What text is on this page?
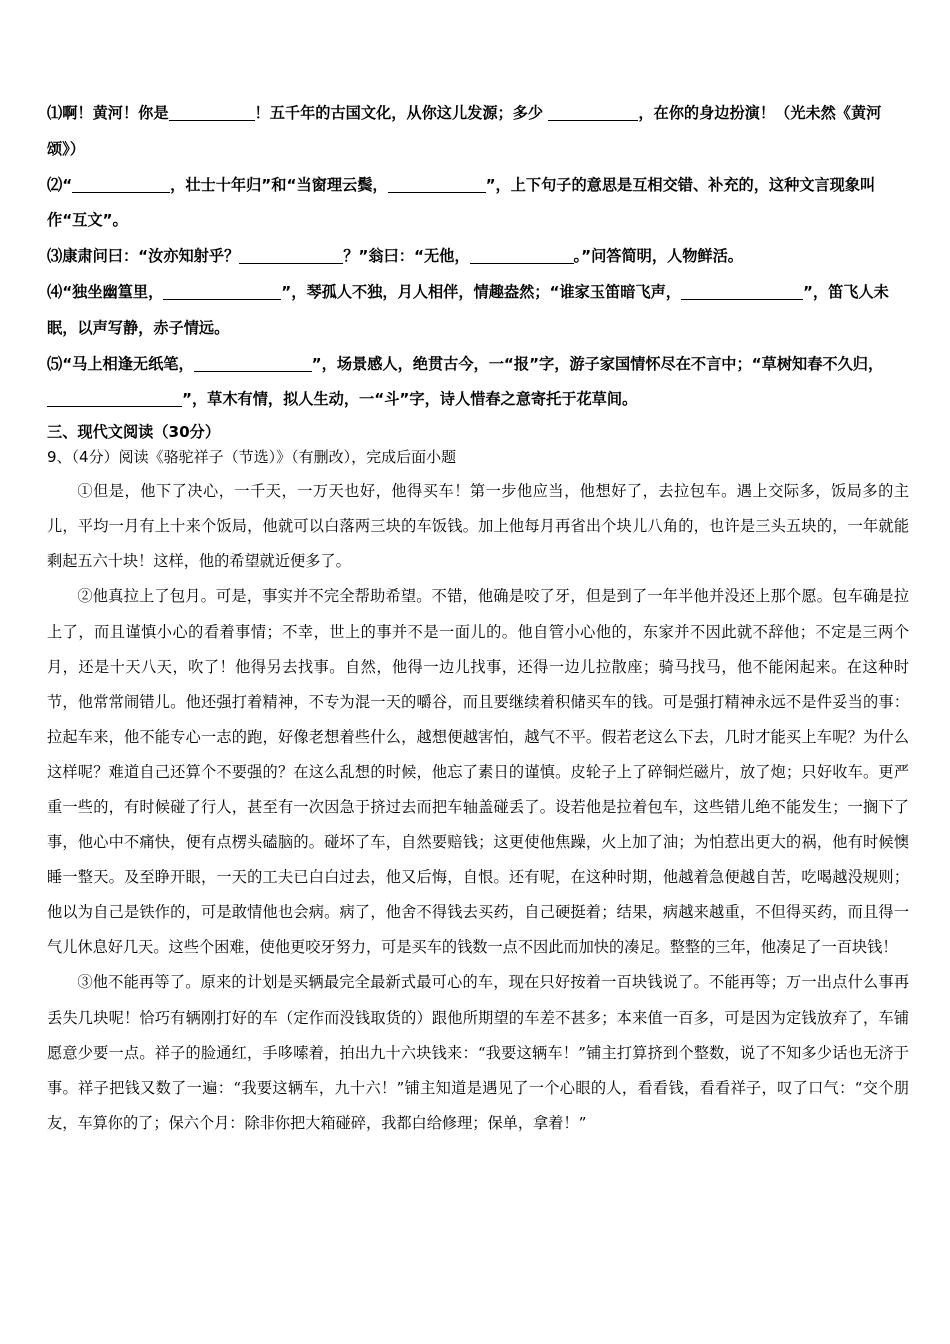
⑴啊！黄河！你是	！五千年的古国文化，从你这儿发源；多少	，在你的身边扮演！（光未然《黄河颂》）

⑵“	，壮士十年归”和“当窗理云鬓，	”，上下句子的意思是互相交错、补充的，这种文言现象叫作“互文”。

⑶康肃问曰：“汝亦知射乎？	？”翁曰：“无他，	。”问答简明，人物鲜活。

⑷“独坐幽篁里，	”，琴孤人不独，月人相伴，情趣盎然；“谁家玉笛暗飞声，	”，笛飞人未眠，以声写静，赤子情远。

⑸“马上相逢无纸笔，	”，场景感人，绝贯古今，一“报”字，游子家国情怀尽在不言中；“草树知春不久归，”，草木有情，拟人生动，一“斗”字，诗人惜春之意寄托于花草间。

三、现代文阅读（30分）
9、（4分）阅读《骆驼祥子（节选）》（有删改），完成后面小题

①但是，他下了决心，一千天，一万天也好，他得买车！第一步他应当，他想好了，去拉包车。遇上交际多，饭局多的主儿，平均一月有上十来个饭局，他就可以白落两三块的车饭钱。加上他每月再省出个块儿八角的，也许是三头五块的，一年就能剩起五六十块！这样，他的希望就近便多了。

②他真拉上了包月。可是，事实并不完全帮助希望。不错，他确是咬了牙，但是到了一年半他并没还上那个愿。包车确是拉上了，而且谨慎小心的看着事情；不幸，世上的事并不是一面儿的。他自管小心他的，东家并不因此就不辞他；不定是三两个月，还是十天八天，吹了！他得另去找事。自然，他得一边儿找事，还得一边儿拉散座；骑马找马，他不能闲起来。在这种时节，他常常闹错儿。他还强打着精神，不专为混一天的嚼谷，而且要继续着积储买车的钱。可是强打精神永远不是件妥当的事：拉起车来，他不能专心一志的跑，好像老想着些什么，越想便越害怕，越气不平。假若老这么下去，几时才能买上车呢？为什么这样呢？难道自己还算个不要强的？在这么乱想的时候，他忘了素日的谨慎。皮轮子上了碎铜烂磁片，放了炮；只好收车。更严重一些的，有时候碰了行人，甚至有一次因急于挤过去而把车轴盖碰丢了。设若他是拉着包车，这些错儿绝不能发生；一搁下了事，他心中不痛快，便有点楞头磕脑的。碰坏了车，自然要赔钱；这更使他焦躁，火上加了油；为怕惹出更大的祸，他有时候懊睡一整天。及至睁开眼，一天的工夫已白白过去，他又后悔，自恨。还有呢，在这种时期，他越着急便越自苦，吃喝越没规则；他以为自己是铁作的，可是敢情他也会病。病了，他舍不得钱去买药，自己硬挺着；结果，病越来越重，不但得买药，而且得一气儿休息好几天。这些个困难，使他更咬牙努力，可是买车的钱数一点不因此而加快的凑足。整整的三年，他凑足了一百块钱！

③他不能再等了。原来的计划是买辆最完全最新式最可心的车，现在只好按着一百块钱说了。不能再等；万一出点什么事再丢失几块呢！恰巧有辆刚打好的车（定作而没钱取货的）跟他所期望的车差不甚多；本来值一百多，可是因为定钱放弃了，车铺愿意少要一点。祥子的脸通红，手哆嗦着，拍出九十六块钱来：“我要这辆车！”铺主打算挤到个整数，说了不知多少话也无济于事。祥子把钱又数了一遍：“我要这辆车，九十六！”铺主知道是遇见了一个心眼的人，看看钱，看看祥子，叹了口气：“交个朋友，车算你的了；保六个月：除非你把大箱碰碎，我都白给修理；保单，拿着！”
